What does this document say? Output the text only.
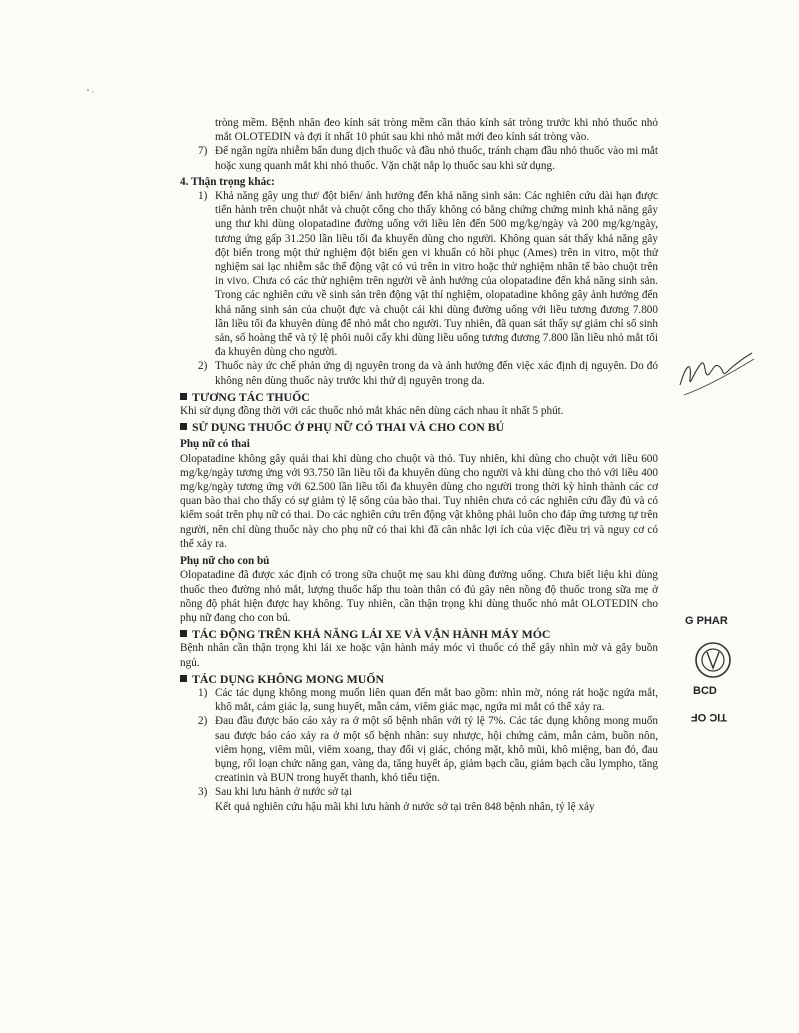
tròng mềm. Bệnh nhân đeo kính sát tròng mềm cần tháo kính sát tròng trước khi nhỏ thuốc nhỏ mắt OLOTEDIN và đợi ít nhất 10 phút sau khi nhỏ mắt mới đeo kính sát tròng vào.

7) Để ngăn ngừa nhiễm bẩn dung dịch thuốc và đầu nhỏ thuốc, tránh chạm đầu nhỏ thuốc vào mi mắt hoặc xung quanh mắt khi nhỏ thuốc. Vặn chặt nắp lọ thuốc sau khi sử dụng.

4. Thận trọng khác:

1) Khả năng gây ung thư/ đột biến/ ảnh hưởng đến khả năng sinh sản: Các nghiên cứu dài hạn được tiến hành trên chuột nhắt và chuột cống cho thấy không có bằng chứng chứng minh khả năng gây ung thư khi dùng olopatadine đường uống với liều lên đến 500 mg/kg/ngày và 200 mg/kg/ngày, tương ứng gấp 31.250 lần liều tối đa khuyến dùng cho người. Không quan sát thấy khả năng gây đột biến trong một thử nghiệm đột biến gen vi khuẩn có hồi phục (Ames) trên in vitro, một thử nghiệm sai lạc nhiễm sắc thể động vật có vú trên in vitro hoặc thử nghiệm nhân tế bào chuột trên in vivo. Chưa có các thử nghiệm trên người về ảnh hưởng của olopatadine đến khả năng sinh sản. Trong các nghiên cứu về sinh sản trên động vật thí nghiệm, olopatadine không gây ảnh hưởng đến khả năng sinh sản của chuột đực và chuột cái khi dùng đường uống với liều tương đương 7.800 lần liều tối đa khuyên dùng để nhỏ mắt cho người. Tuy nhiên, đã quan sát thấy sự giảm chỉ số sinh sản, số hoàng thể và tỷ lệ phôi nuôi cấy khi dùng liều uống tương đương 7.800 lần liều nhỏ mắt tối đa khuyên dùng cho người.
2) Thuốc này ức chế phản ứng dị nguyên trong da và ảnh hưởng đến việc xác định dị nguyên. Do đó không nên dùng thuốc này trước khi thử dị nguyên trong da.

TƯƠNG TÁC THUỐC

Khi sử dụng đồng thời với các thuốc nhỏ mắt khác nên dùng cách nhau ít nhất 5 phút.

SỬ DỤNG THUỐC Ở PHỤ NỮ CÓ THAI VÀ CHO CON BÚ

Phụ nữ có thai

Olopatadine không gây quái thai khi dùng cho chuột và thỏ. Tuy nhiên, khi dùng cho chuột với liều 600 mg/kg/ngày tương ứng với 93.750 lần liều tối đa khuyên dùng cho người và khi dùng cho thỏ với liều 400 mg/kg/ngày tương ứng với 62.500 lần liều tối đa khuyên dùng cho người trong thời kỳ hình thành các cơ quan bào thai cho thấy có sự giảm tỷ lệ sống của bào thai. Tuy nhiên chưa có các nghiên cứu đầy đủ và có kiểm soát trên phụ nữ có thai. Do các nghiên cứu trên động vật không phải luôn cho đáp ứng tương tự trên người, nên chỉ dùng thuốc này cho phụ nữ có thai khi đã cân nhắc lợi ích của việc điều trị và nguy cơ có thể xảy ra.

Phụ nữ cho con bú

Olopatadine đã được xác định có trong sữa chuột mẹ sau khi dùng đường uống. Chưa biết liệu khi dùng thuốc theo đường nhỏ mắt, lượng thuốc hấp thu toàn thân có đủ gây nên nồng độ thuốc trong sữa mẹ ở nồng độ phát hiện được hay không. Tuy nhiên, cần thận trọng khi dùng thuốc nhỏ mắt OLOTEDIN cho phụ nữ đang cho con bú.

TÁC ĐỘNG TRÊN KHẢ NĂNG LÁI XE VÀ VẬN HÀNH MÁY MÓC

Bệnh nhân cần thận trọng khi lái xe hoặc vận hành máy móc vì thuốc có thể gây nhìn mờ và gây buồn ngủ.

TÁC DỤNG KHÔNG MONG MUỐN

1) Các tác dụng không mong muốn liên quan đến mắt bao gồm: nhìn mờ, nóng rát hoặc ngứa mắt, khô mắt, cảm giác lạ, sung huyết, mẫn cảm, viêm giác mạc, ngứa mi mắt có thể xảy ra.
2) Đau đầu được báo cáo xảy ra ở một số bệnh nhân với tỷ lệ 7%. Các tác dụng không mong muốn sau được báo cáo xảy ra ở một số bệnh nhân: suy nhược, hội chứng cảm, mẫn cảm, buồn nôn, viêm họng, viêm mũi, viêm xoang, thay đổi vị giác, chóng mặt, khô mũi, khô miệng, ban đỏ, đau bụng, rối loạn chức năng gan, vàng da, tăng huyết áp, giảm bạch cầu, giảm bạch cầu lympho, tăng creatinin và BUN trong huyết thanh, khó tiểu tiện.
3) Sau khi lưu hành ở nước sở tại

Kết quả nghiên cứu hậu mãi khi lưu hành ở nước sở tại trên 848 bệnh nhân, tỷ lệ xảy

G PHAR
BCD
TIC OF
